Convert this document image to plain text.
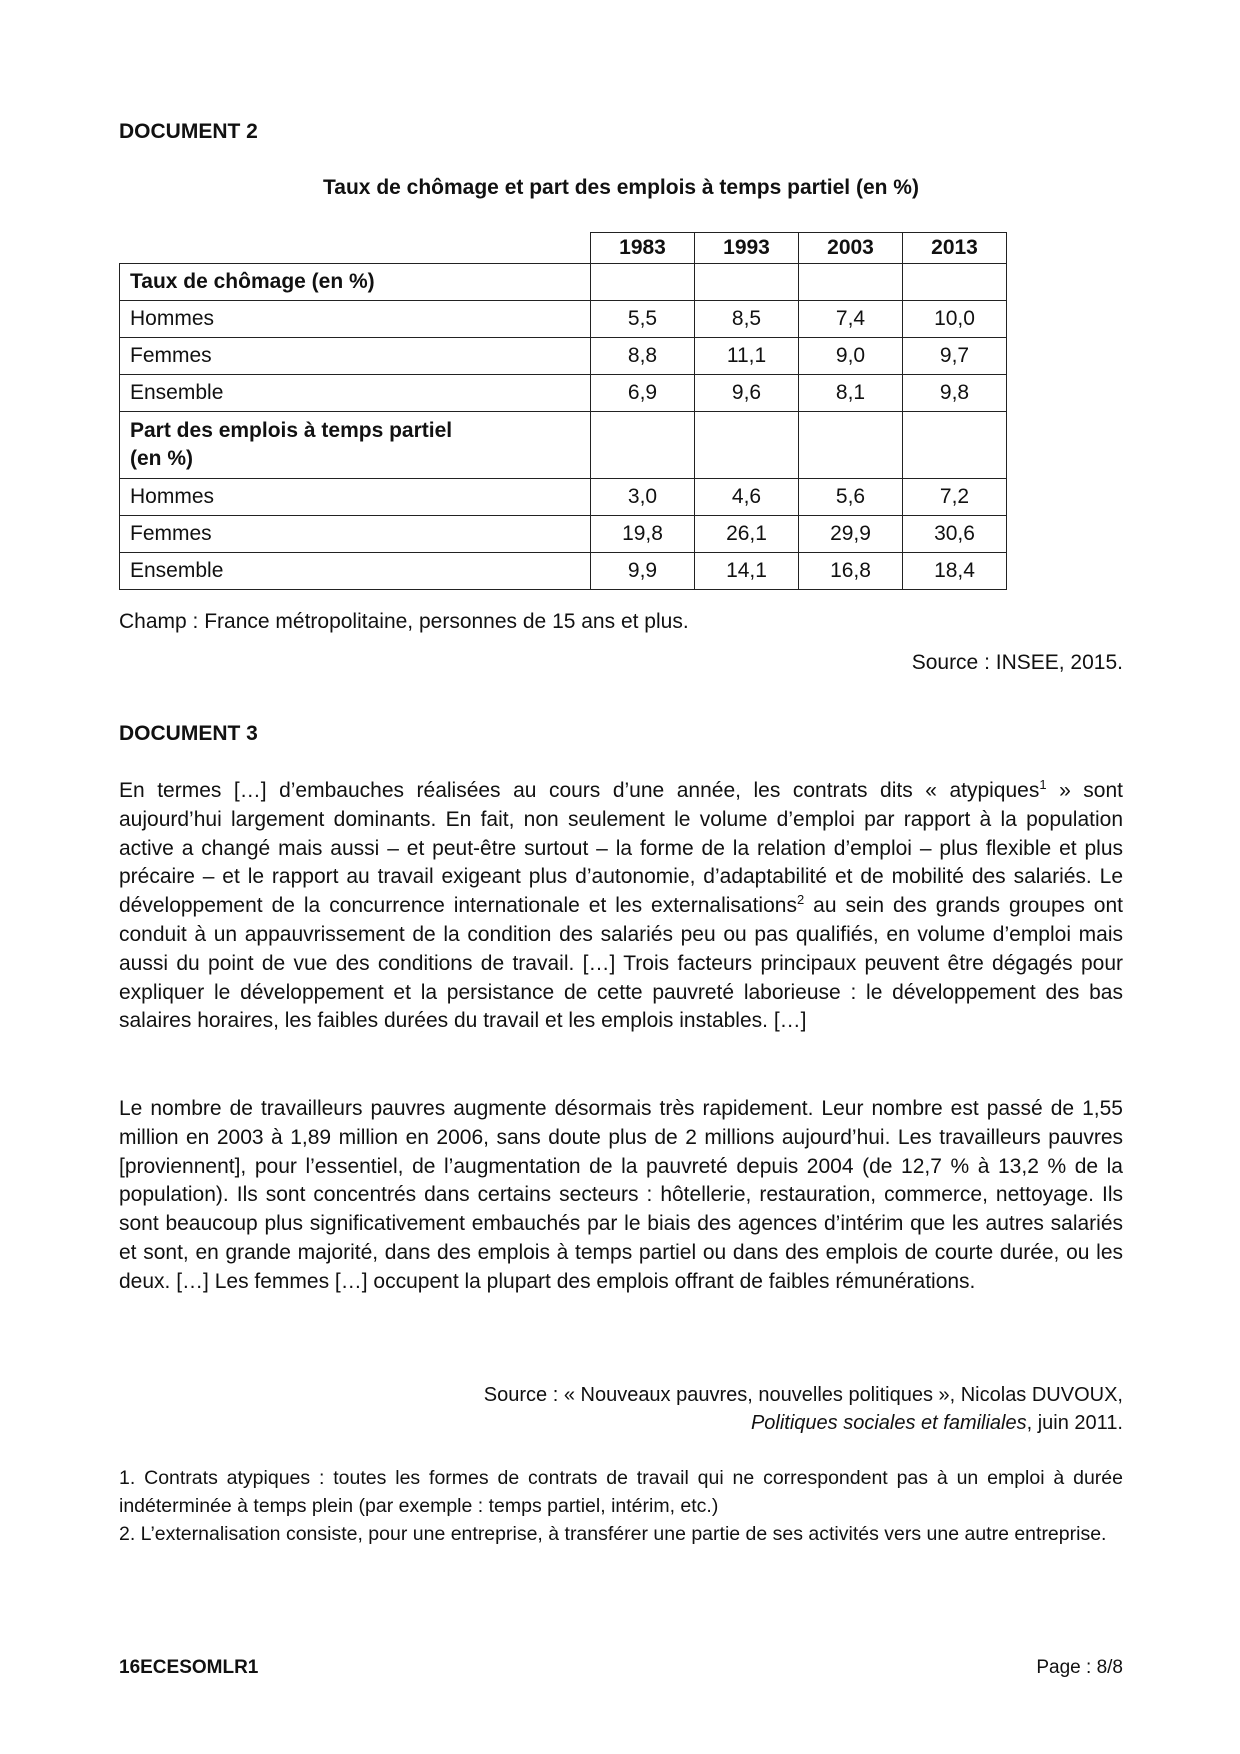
DOCUMENT 2
Taux de chômage et part des emplois à temps partiel (en %)
	1983	1993	2003	2013
Taux de chômage (en %)				
Hommes	5,5	8,5	7,4	10,0
Femmes	8,8	11,1	9,0	9,7
Ensemble	6,9	9,6	8,1	9,8
Part des emplois à temps partiel
(en %)				
Hommes	3,0	4,6	5,6	7,2
Femmes	19,8	26,1	29,9	30,6
Ensemble	9,9	14,1	16,8	18,4
Champ : France métropolitaine, personnes de 15 ans et plus.
Source : INSEE, 2015.
DOCUMENT 3
En termes […] d’embauches réalisées au cours d’une année, les contrats dits « atypiques$^1$ » sont aujourd’hui largement dominants. En fait, non seulement le volume d’emploi par rapport à la population active a changé mais aussi – et peut-être surtout – la forme de la relation d’emploi – plus flexible et plus précaire – et le rapport au travail exigeant plus d’autonomie, d’adaptabilité et de mobilité des salariés. Le développement de la concurrence internationale et les externalisations$^2$ au sein des grands groupes ont conduit à un appauvrissement de la condition des salariés peu ou pas qualifiés, en volume d’emploi mais aussi du point de vue des conditions de travail. […] Trois facteurs principaux peuvent être dégagés pour expliquer le développement et la persistance de cette pauvreté laborieuse : le développement des bas salaires horaires, les faibles durées du travail et les emplois instables. […]
Le nombre de travailleurs pauvres augmente désormais très rapidement. Leur nombre est passé de 1,55 million en 2003 à 1,89 million en 2006, sans doute plus de 2 millions aujourd’hui. Les travailleurs pauvres [proviennent], pour l’essentiel, de l’augmentation de la pauvreté depuis 2004 (de 12,7 % à 13,2 % de la population). Ils sont concentrés dans certains secteurs : hôtellerie, restauration, commerce, nettoyage. Ils sont beaucoup plus significativement embauchés par le biais des agences d’intérim que les autres salariés et sont, en grande majorité, dans des emplois à temps partiel ou dans des emplois de courte durée, ou les deux. […] Les femmes […] occupent la plupart des emplois offrant de faibles rémunérations.
Source : « Nouveaux pauvres, nouvelles politiques », Nicolas DUVOUX,
Politiques sociales et familiales, juin 2011.
1. Contrats atypiques : toutes les formes de contrats de travail qui ne correspondent pas à un emploi à durée indéterminée à temps plein (par exemple : temps partiel, intérim, etc.)
2. L’externalisation consiste, pour une entreprise, à transférer une partie de ses activités vers une autre entreprise.
16ECESOMLR1	Page : 8/8
